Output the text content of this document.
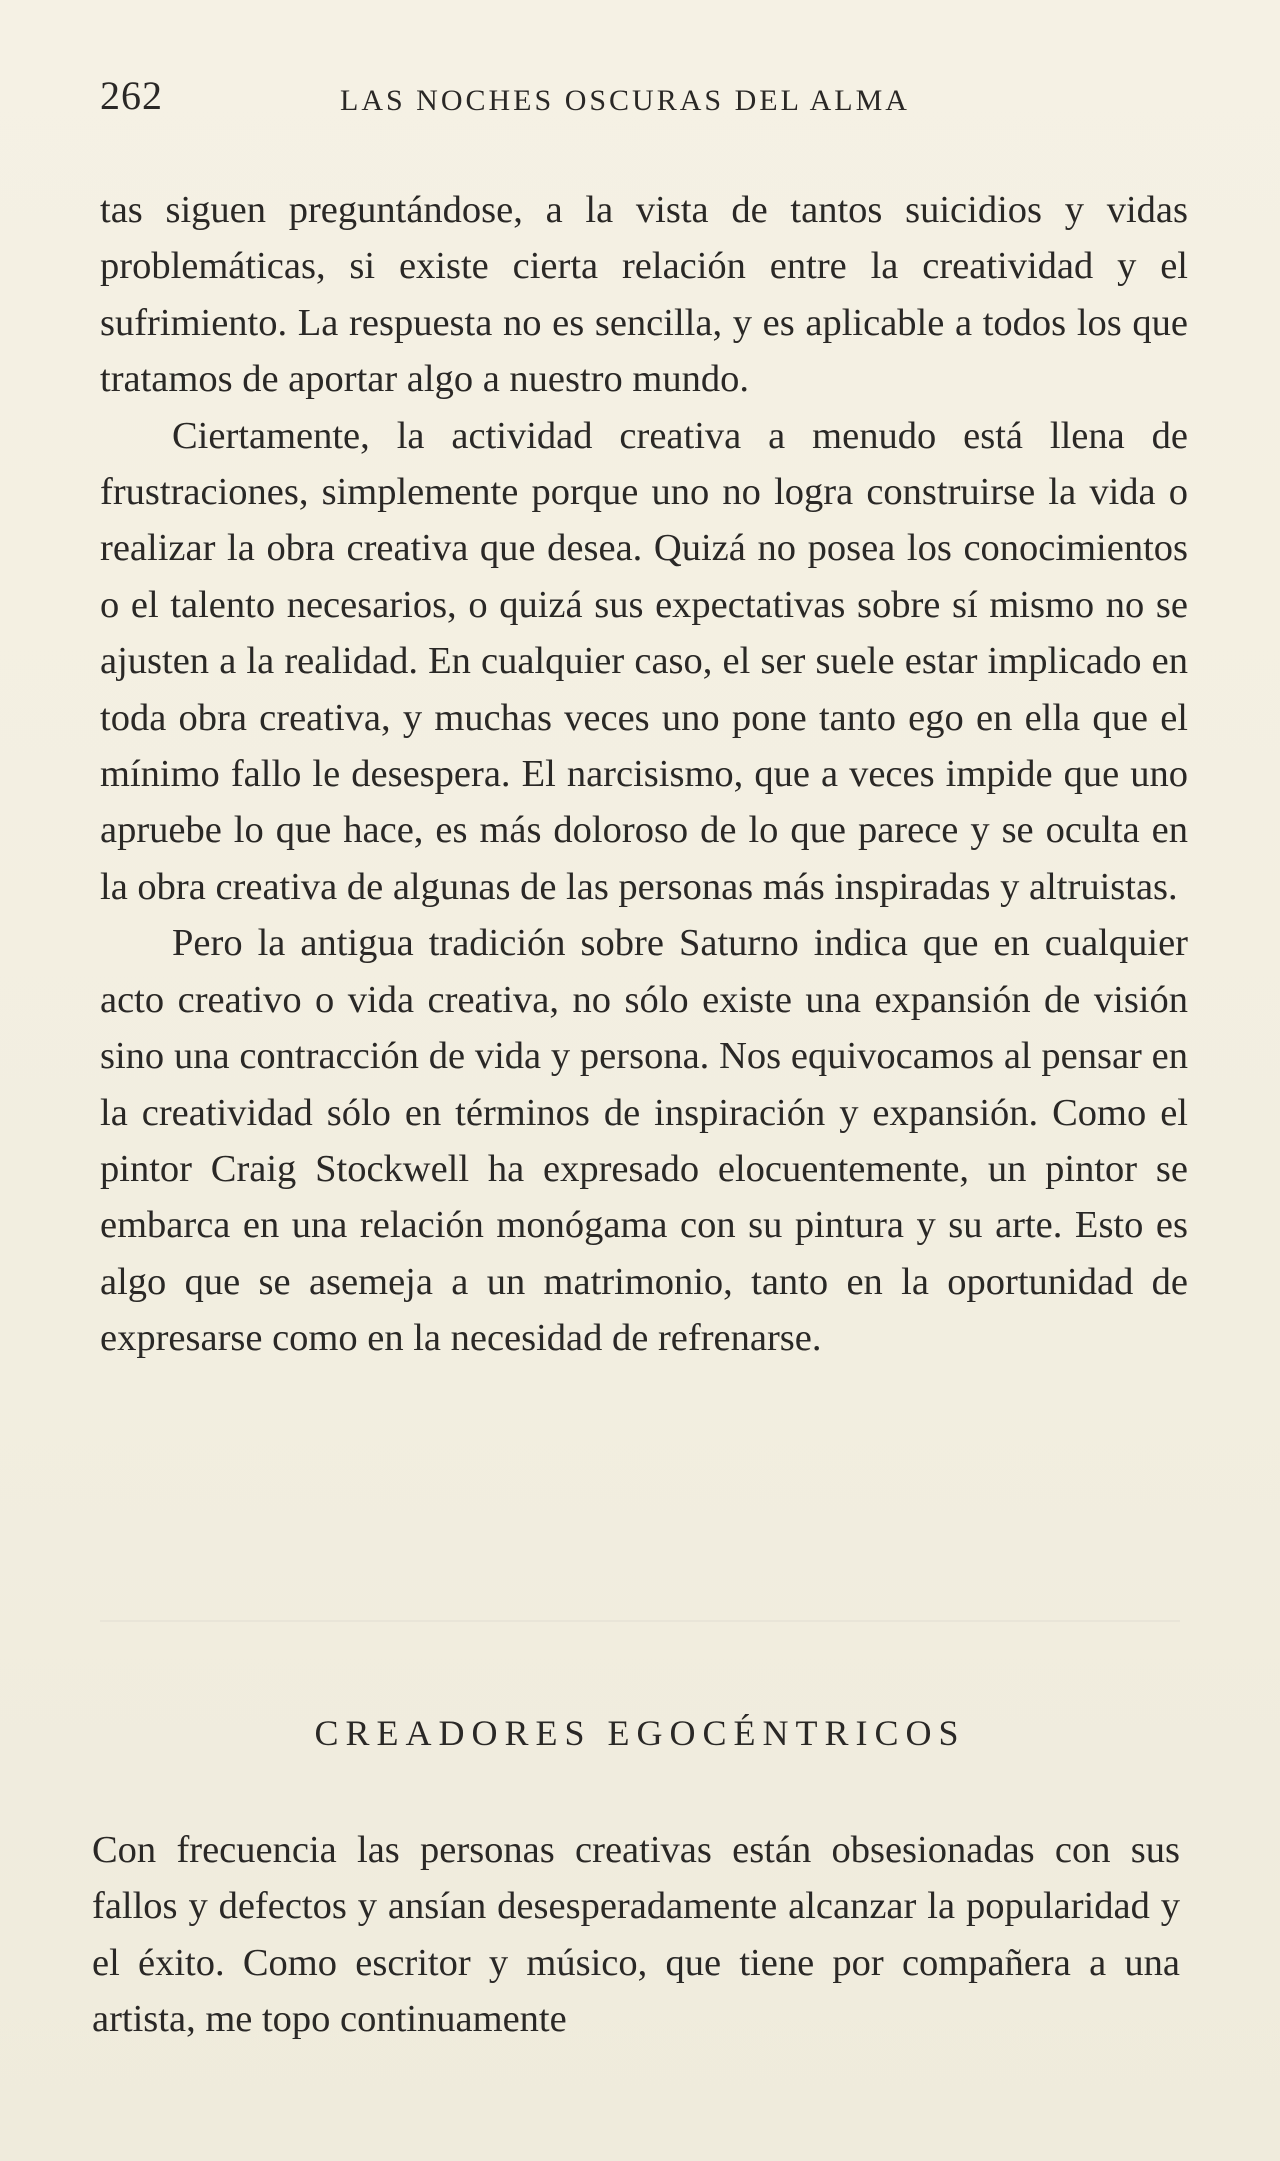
262	LAS NOCHES OSCURAS DEL ALMA

tas siguen preguntándose, a la vista de tantos suicidios y vidas problemáticas, si existe cierta relación entre la creatividad y el sufrimiento. La respuesta no es sencilla, y es aplicable a todos los que tratamos de aportar algo a nuestro mundo.

Ciertamente, la actividad creativa a menudo está llena de frustraciones, simplemente porque uno no logra construirse la vida o realizar la obra creativa que desea. Quizá no posea los conocimientos o el talento necesarios, o quizá sus expectativas sobre sí mismo no se ajusten a la realidad. En cualquier caso, el ser suele estar implicado en toda obra creativa, y muchas veces uno pone tanto ego en ella que el mínimo fallo le desespera. El narcisismo, que a veces impide que uno apruebe lo que hace, es más doloroso de lo que parece y se oculta en la obra creativa de algunas de las personas más inspiradas y altruistas.

Pero la antigua tradición sobre Saturno indica que en cualquier acto creativo o vida creativa, no sólo existe una expansión de visión sino una contracción de vida y persona. Nos equivocamos al pensar en la creatividad sólo en términos de inspiración y expansión. Como el pintor Craig Stockwell ha expresado elocuentemente, un pintor se embarca en una relación monógama con su pintura y su arte. Esto es algo que se asemeja a un matrimonio, tanto en la oportunidad de expresarse como en la necesidad de refrenarse.

CREADORES EGOCÉNTRICOS

Con frecuencia las personas creativas están obsesionadas con sus fallos y defectos y ansían desesperadamente alcanzar la popularidad y el éxito. Como escritor y músico, que tiene por compañera a una artista, me topo continuamente
